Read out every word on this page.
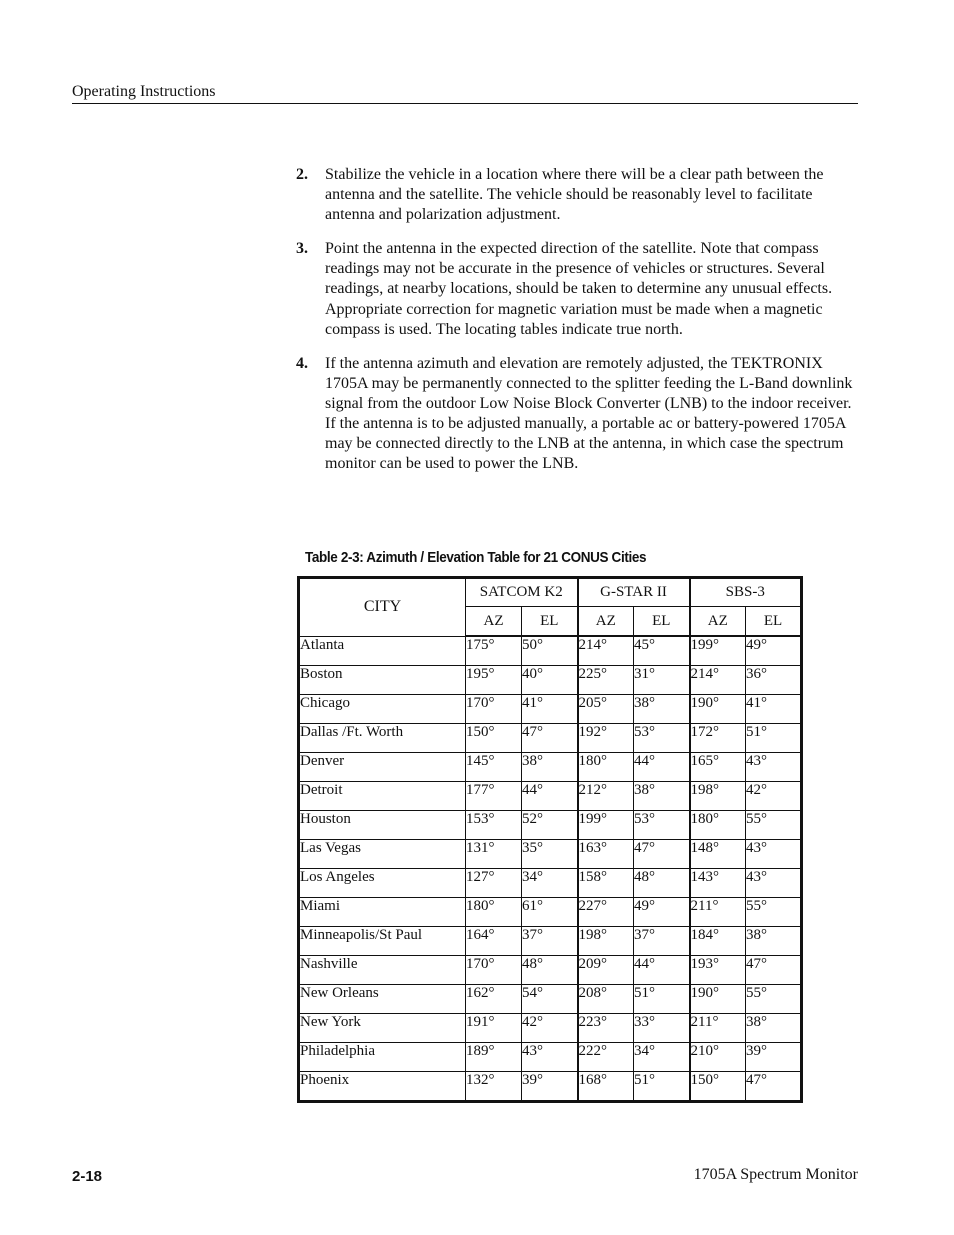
Operating Instructions
2.	Stabilize the vehicle in a location where there will be a clear path between the antenna and the satellite. The vehicle should be reasonably level to facilitate antenna and polarization adjustment.
3.	Point the antenna in the expected direction of the satellite. Note that compass readings may not be accurate in the presence of vehicles or structures. Several readings, at nearby locations, should be taken to determine any unusual effects. Appropriate correction for magnetic variation must be made when a magnetic compass is used. The locating tables indicate true north.
4.	If the antenna azimuth and elevation are remotely adjusted, the TEKTRONIX 1705A may be permanently connected to the splitter feeding the L-Band downlink signal from the outdoor Low Noise Block Converter (LNB) to the indoor receiver. If the antenna is to be adjusted manually, a portable ac or battery-powered 1705A may be connected directly to the LNB at the antenna, in which case the spectrum monitor can be used to power the LNB.
Table 2-3: Azimuth / Elevation Table for 21 CONUS Cities
CITY	SATCOM K2		G-STAR II		SBS-3	
	AZ	EL	AZ	EL	AZ	EL
Atlanta	175°	50°	214°	45°	199°	49°
Boston	195°	40°	225°	31°	214°	36°
Chicago	170°	41°	205°	38°	190°	41°
Dallas /Ft. Worth	150°	47°	192°	53°	172°	51°
Denver	145°	38°	180°	44°	165°	43°
Detroit	177°	44°	212°	38°	198°	42°
Houston	153°	52°	199°	53°	180°	55°
Las Vegas	131°	35°	163°	47°	148°	43°
Los Angeles	127°	34°	158°	48°	143°	43°
Miami	180°	61°	227°	49°	211°	55°
Minneapolis/St Paul	164°	37°	198°	37°	184°	38°
Nashville	170°	48°	209°	44°	193°	47°
New Orleans	162°	54°	208°	51°	190°	55°
New York	191°	42°	223°	33°	211°	38°
Philadelphia	189°	43°	222°	34°	210°	39°
Phoenix	132°	39°	168°	51°	150°	47°
2-18	1705A Spectrum Monitor
